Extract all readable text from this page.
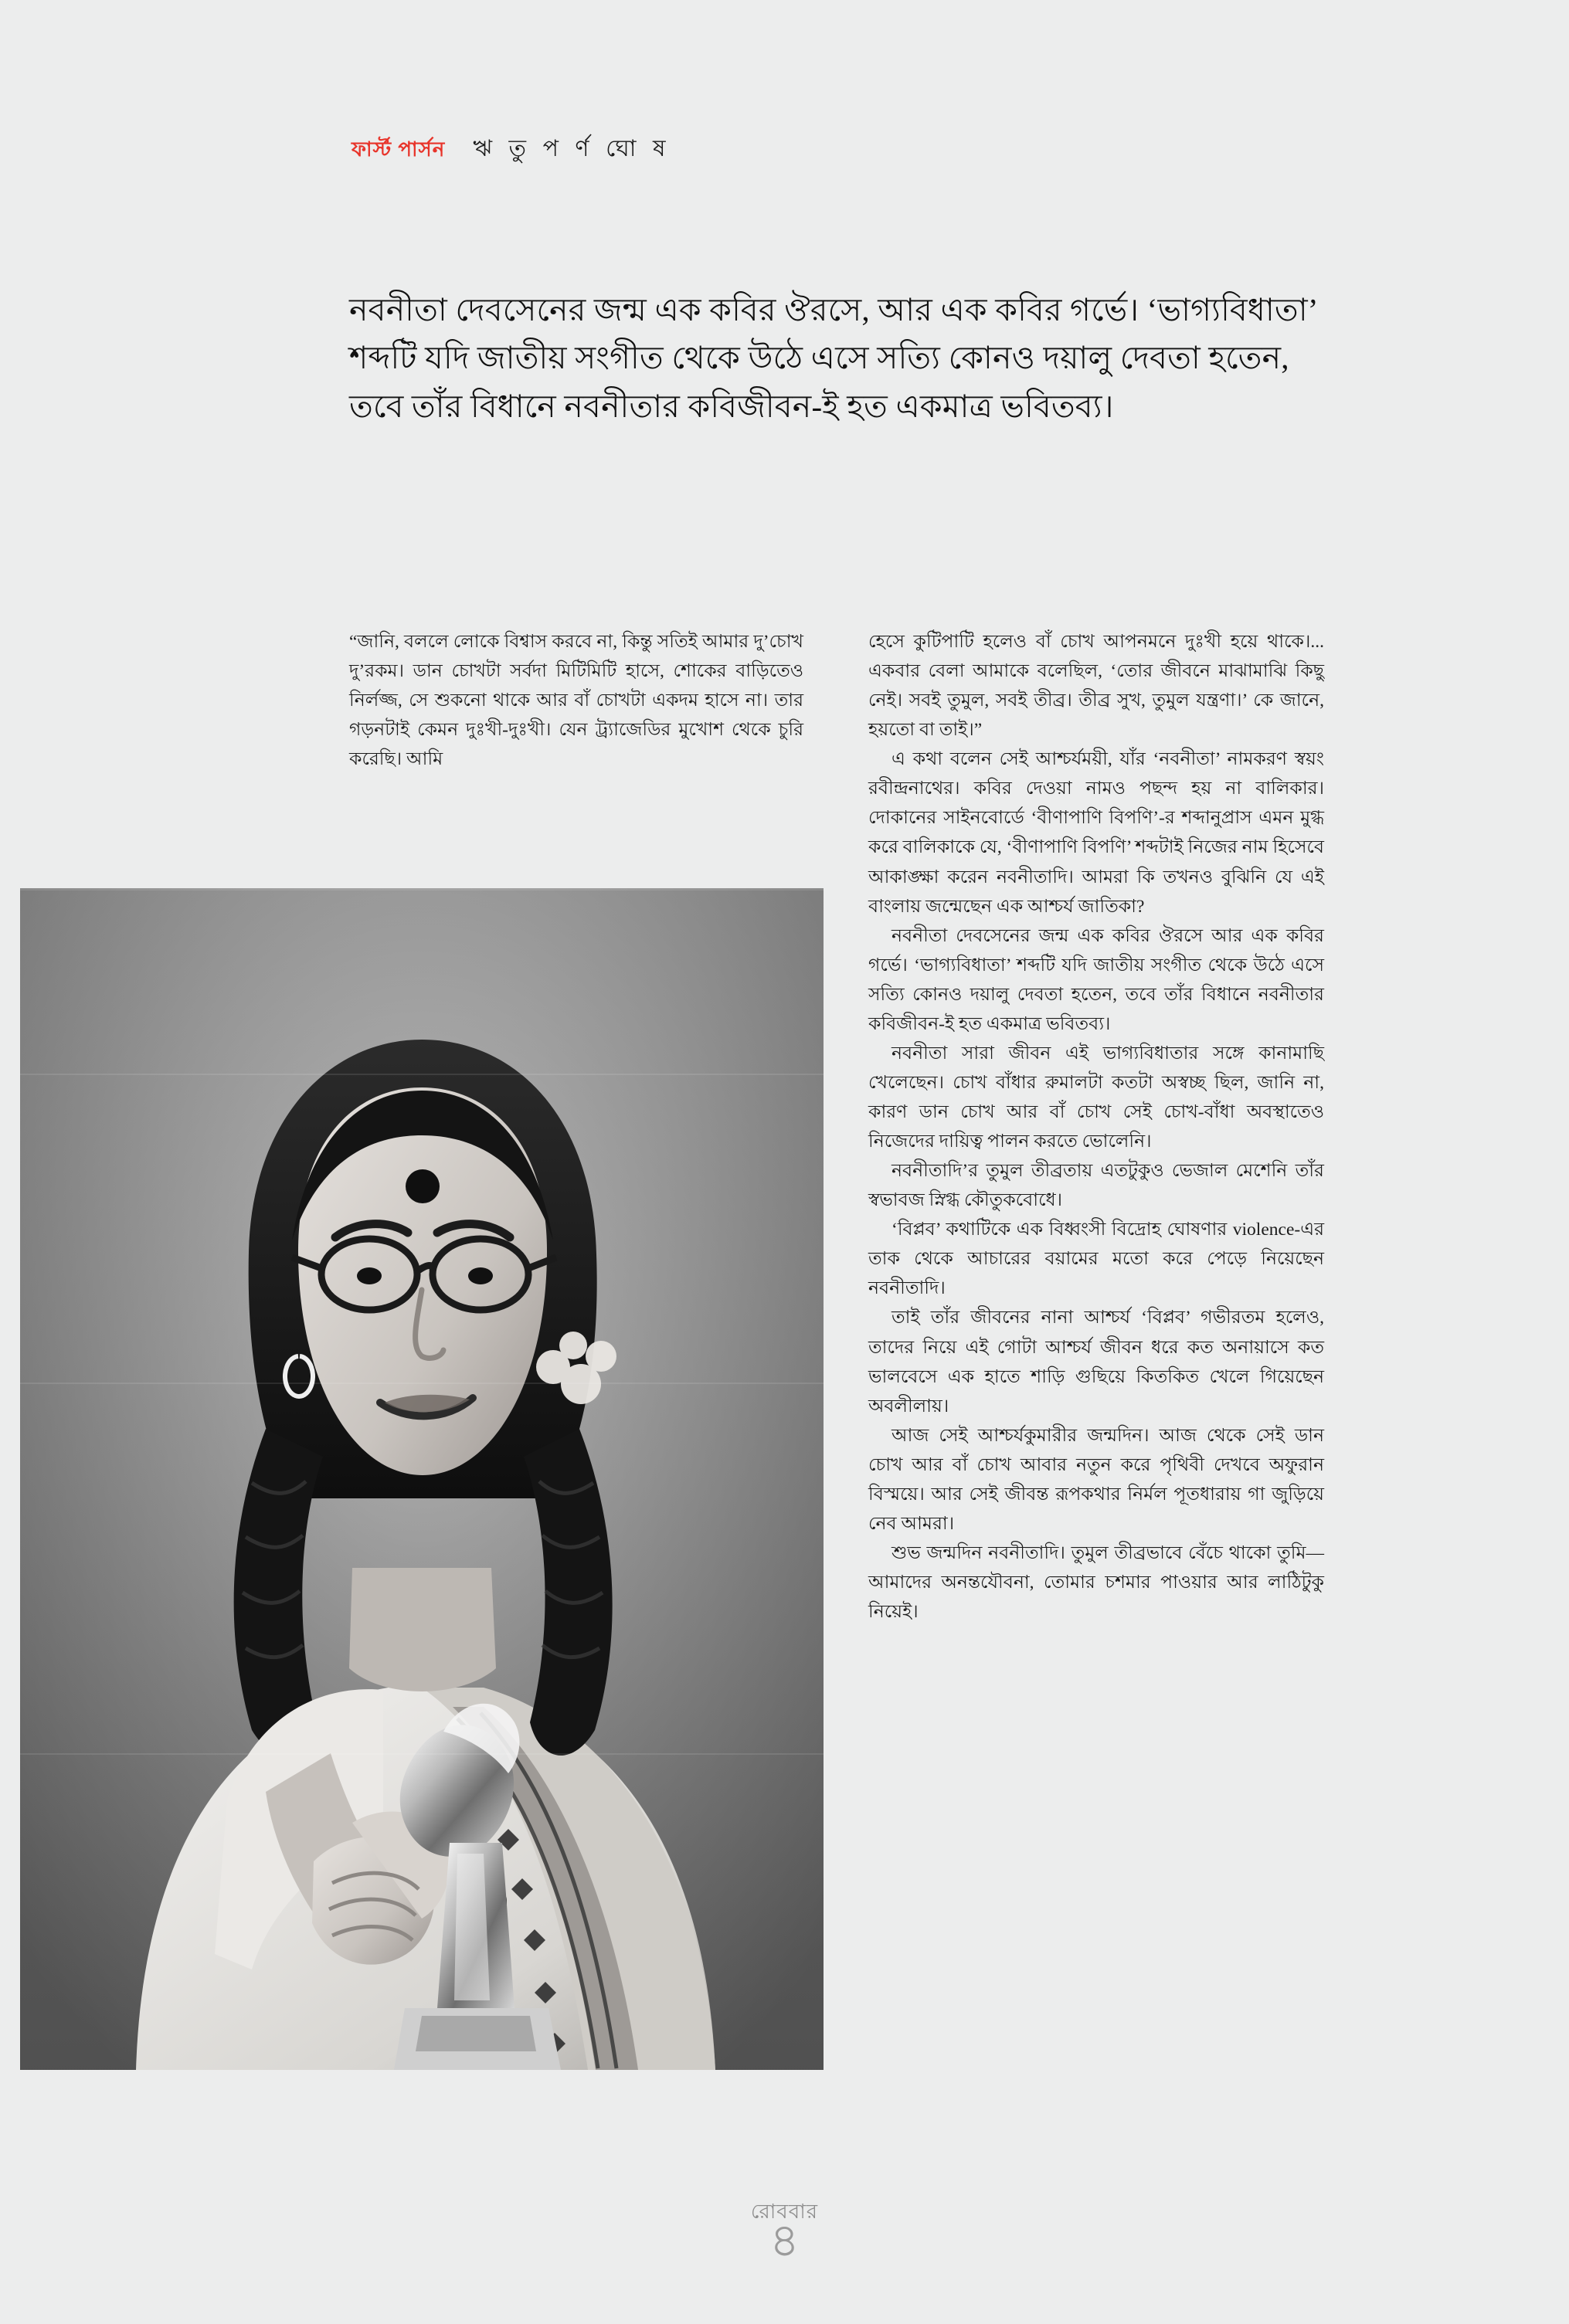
ফার্স্ট পার্সন ঋ তু প র্ণ ঘো ষ
নবনীতা দেবসেনের জন্ম এক কবির ঔরসে, আর এক কবির গর্ভে। ‘ভাগ্যবিধাতা’ শব্দটি যদি জাতীয় সংগীত থেকে উঠে এসে সত্যি কোনও দয়ালু দেবতা হতেন, তবে তাঁর বিধানে নবনীতার কবিজীবন-ই হত একমাত্র ভবিতব্য।

“জানি, বললে লোকে বিশ্বাস করবে না, কিন্তু সতিই আমার দু’চোখ দু’রকম। ডান চোখটা সর্বদা মিটিমিটি হাসে, শোকের বাড়িতেও নির্লজ্জ, সে শুকনো থাকে আর বাঁ চোখটা একদম হাসে না। তার গড়নটাই কেমন দুঃখী-দুঃখী। যেন ট্র্যাজেডির মুখোশ থেকে চুরি করেছি। আমি

হেসে কুটিপাটি হলেও বাঁ চোখ আপনমনে দুঃখী হয়ে থাকে।... একবার বেলা আমাকে বলেছিল, ‘তোর জীবনে মাঝামাঝি কিছু নেই। সবই তুমুল, সবই তীব্র। তীব্র সুখ, তুমুল যন্ত্রণা।’ কে জানে, হয়তো বা তাই।”

এ কথা বলেন সেই আশ্চর্যময়ী, যাঁর ‘নবনীতা’ নামকরণ স্বয়ং রবীন্দ্রনাথের। কবির দেওয়া নামও পছন্দ হয় না বালিকার। দোকানের সাইনবোর্ডে ‘বীণাপাণি বিপণি’-র শব্দানুপ্রাস এমন মুগ্ধ করে বালিকাকে যে, ‘বীণাপাণি বিপণি’ শব্দটাই নিজের নাম হিসেবে আকাঙ্ক্ষা করেন নবনীতাদি। আমরা কি তখনও বুঝিনি যে এই বাংলায় জন্মেছেন এক আশ্চর্য জাতিকা?

নবনীতা দেবসেনের জন্ম এক কবির ঔরসে আর এক কবির গর্ভে। ‘ভাগ্যবিধাতা’ শব্দটি যদি জাতীয় সংগীত থেকে উঠে এসে সত্যি কোনও দয়ালু দেবতা হতেন, তবে তাঁর বিধানে নবনীতার কবিজীবন-ই হত একমাত্র ভবিতব্য।

নবনীতা সারা জীবন এই ভাগ্যবিধাতার সঙ্গে কানামাছি খেলেছেন। চোখ বাঁধার রুমালটা কতটা অস্বচ্ছ ছিল, জানি না, কারণ ডান চোখ আর বাঁ চোখ সেই চোখ-বাঁধা অবস্থাতেও নিজেদের দায়িত্ব পালন করতে ভোলেনি।

নবনীতাদি’র তুমুল তীব্রতায় এতটুকুও ভেজাল মেশেনি তাঁর স্বভাবজ স্নিগ্ধ কৌতুকবোধে।

‘বিপ্লব’ কথাটিকে এক বিধ্বংসী বিদ্রোহ ঘোষণার violence-এর তাক থেকে আচারের বয়ামের মতো করে পেড়ে নিয়েছেন নবনীতাদি।

তাই তাঁর জীবনের নানা আশ্চর্য ‘বিপ্লব’ গভীরতম হলেও, তাদের নিয়ে এই গোটা আশ্চর্য জীবন ধরে কত অনায়াসে কত ভালবেসে এক হাতে শাড়ি গুছিয়ে কিতকিত খেলে গিয়েছেন অবলীলায়।

আজ সেই আশ্চর্যকুমারীর জন্মদিন। আজ থেকে সেই ডান চোখ আর বাঁ চোখ আবার নতুন করে পৃথিবী দেখবে অফুরান বিস্ময়ে। আর সেই জীবন্ত রূপকথার নির্মল পূতধারায় গা জুড়িয়ে নেব আমরা।

শুভ জন্মদিন নবনীতাদি। তুমুল তীব্রভাবে বেঁচে থাকো তুমি—আমাদের অনন্তযৌবনা, তোমার চশমার পাওয়ার আর লাঠিটুকু নিয়েই।

রোববার
৪
